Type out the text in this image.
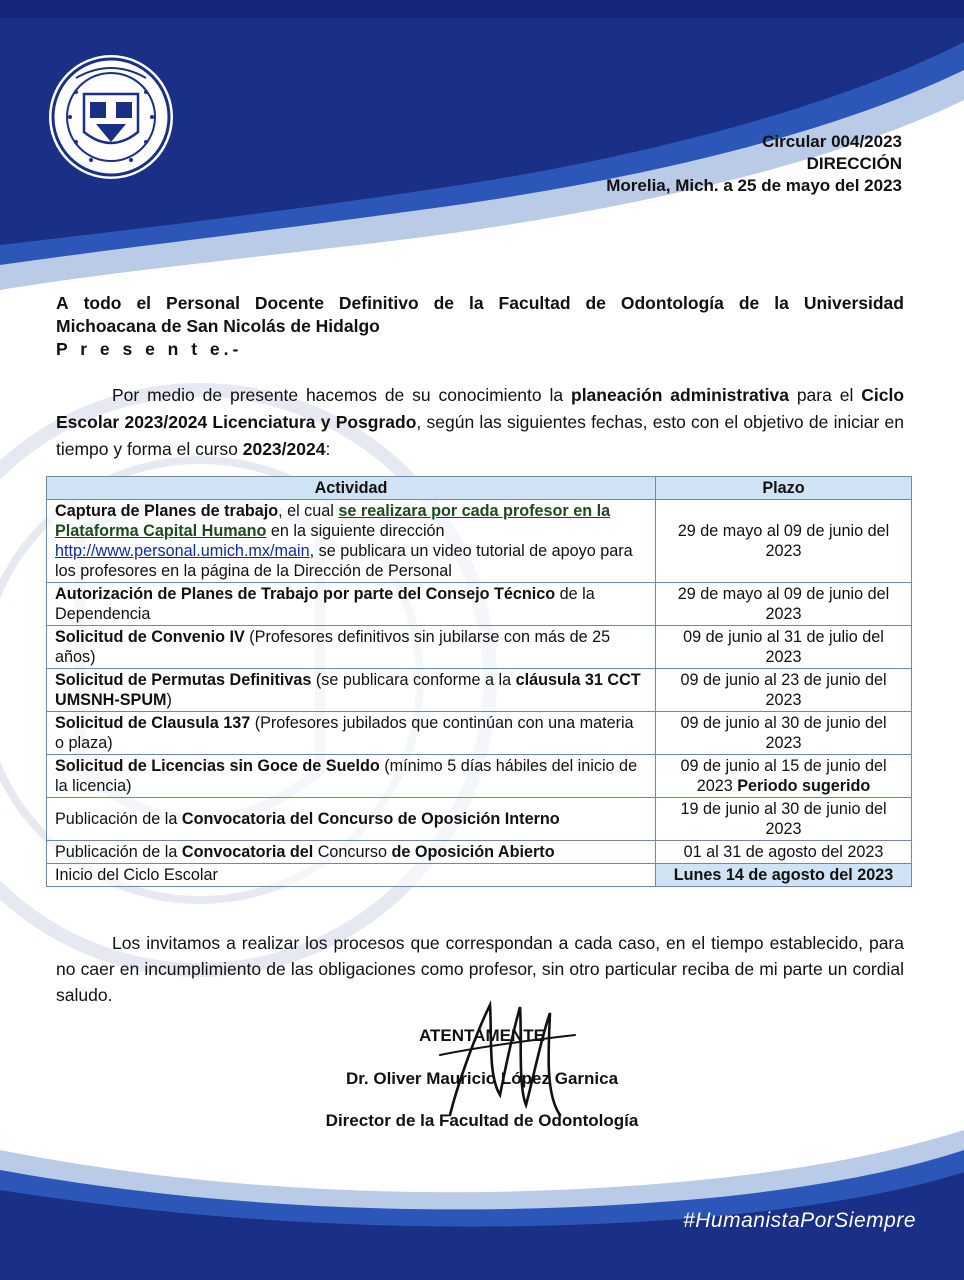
Circular 004/2023
DIRECCIÓN
Morelia, Mich. a 25 de mayo del 2023
A todo el Personal Docente Definitivo de la Facultad de Odontología de la Universidad
Michoacana de San Nicolás de Hidalgo
P r e s e n t e.-

Por medio de presente hacemos de su conocimiento la planeación administrativa para el Ciclo Escolar 2023/2024 Licenciatura y Posgrado, según las siguientes fechas, esto con el objetivo de iniciar en tiempo y forma el curso 2023/2024:

Actividad	Plazo
Captura de Planes de trabajo, el cual se realizara por cada profesor en la Plataforma Capital Humano en la siguiente dirección http://www.personal.umich.mx/main, se publicara un video tutorial de apoyo para los profesores en la página de la Dirección de Personal	29 de mayo al 09 de junio del 2023
Autorización de Planes de Trabajo por parte del Consejo Técnico de la Dependencia	29 de mayo al 09 de junio del 2023
Solicitud de Convenio IV (Profesores definitivos sin jubilarse con más de 25 años)	09 de junio al 31 de julio del 2023
Solicitud de Permutas Definitivas (se publicara conforme a la cláusula 31 CCT UMSNH-SPUM)	09 de junio al 23 de junio del 2023
Solicitud de Clausula 137 (Profesores jubilados que continúan con una materia o plaza)	09 de junio al 30 de junio del 2023
Solicitud de Licencias sin Goce de Sueldo (mínimo 5 días hábiles del inicio de la licencia)	09 de junio al 15 de junio del 2023 Periodo sugerido
Publicación de la Convocatoria del Concurso de Oposición Interno	19 de junio al 30 de junio del 2023
Publicación de la Convocatoria del Concurso de Oposición Abierto	01 al 31 de agosto del 2023
Inicio del Ciclo Escolar	Lunes 14 de agosto del 2023

Los invitamos a realizar los procesos que correspondan a cada caso, en el tiempo establecido, para no caer en incumplimiento de las obligaciones como profesor, sin otro particular reciba de mi parte un cordial saludo.

ATENTAMENTE
Dr. Oliver Mauricio López Garnica
Director de la Facultad de Odontología
#HumanistaPorSiempre
